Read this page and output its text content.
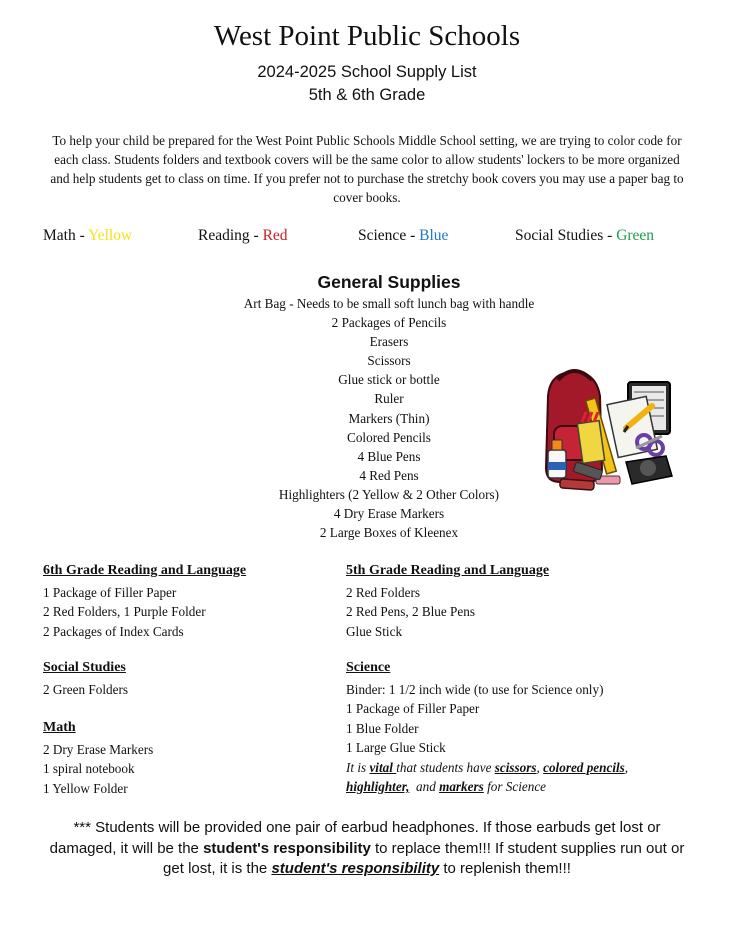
West Point Public Schools
2024-2025 School Supply List
5th & 6th Grade
To help your child be prepared for the West Point Public Schools Middle School setting, we are trying to color code for each class. Students folders and textbook covers will be the same color to allow students' lockers to be more organized and help students get to class on time. If you prefer not to purchase the stretchy book covers you may use a paper bag to cover books.
Math - Yellow	Reading - Red	Science - Blue	Social Studies - Green
General Supplies
Art Bag - Needs to be small soft lunch bag with handle
2 Packages of Pencils
Erasers
Scissors
Glue stick or bottle
Ruler
Markers (Thin)
Colored Pencils
4 Blue Pens
4 Red Pens
Highlighters (2 Yellow & 2 Other Colors)
4 Dry Erase Markers
2 Large Boxes of Kleenex
6th Grade Reading and Language
1 Package of Filler Paper
2 Red Folders, 1 Purple Folder
2 Packages of Index Cards
Social Studies
2 Green Folders
Math
2 Dry Erase Markers
1 spiral notebook
1 Yellow Folder
5th Grade Reading and Language
2 Red Folders
2 Red Pens, 2 Blue Pens
Glue Stick
Science
Binder: 1 1/2 inch wide (to use for Science only)
1 Package of Filler Paper
1 Blue Folder
1 Large Glue Stick
It is vital that students have scissors, colored pencils,
highlighter,  and markers for Science
*** Students will be provided one pair of earbud headphones. If those earbuds get lost or damaged, it will be the student's responsibility to replace them!!! If student supplies run out or get lost, it is the student's responsibility to replenish them!!!
